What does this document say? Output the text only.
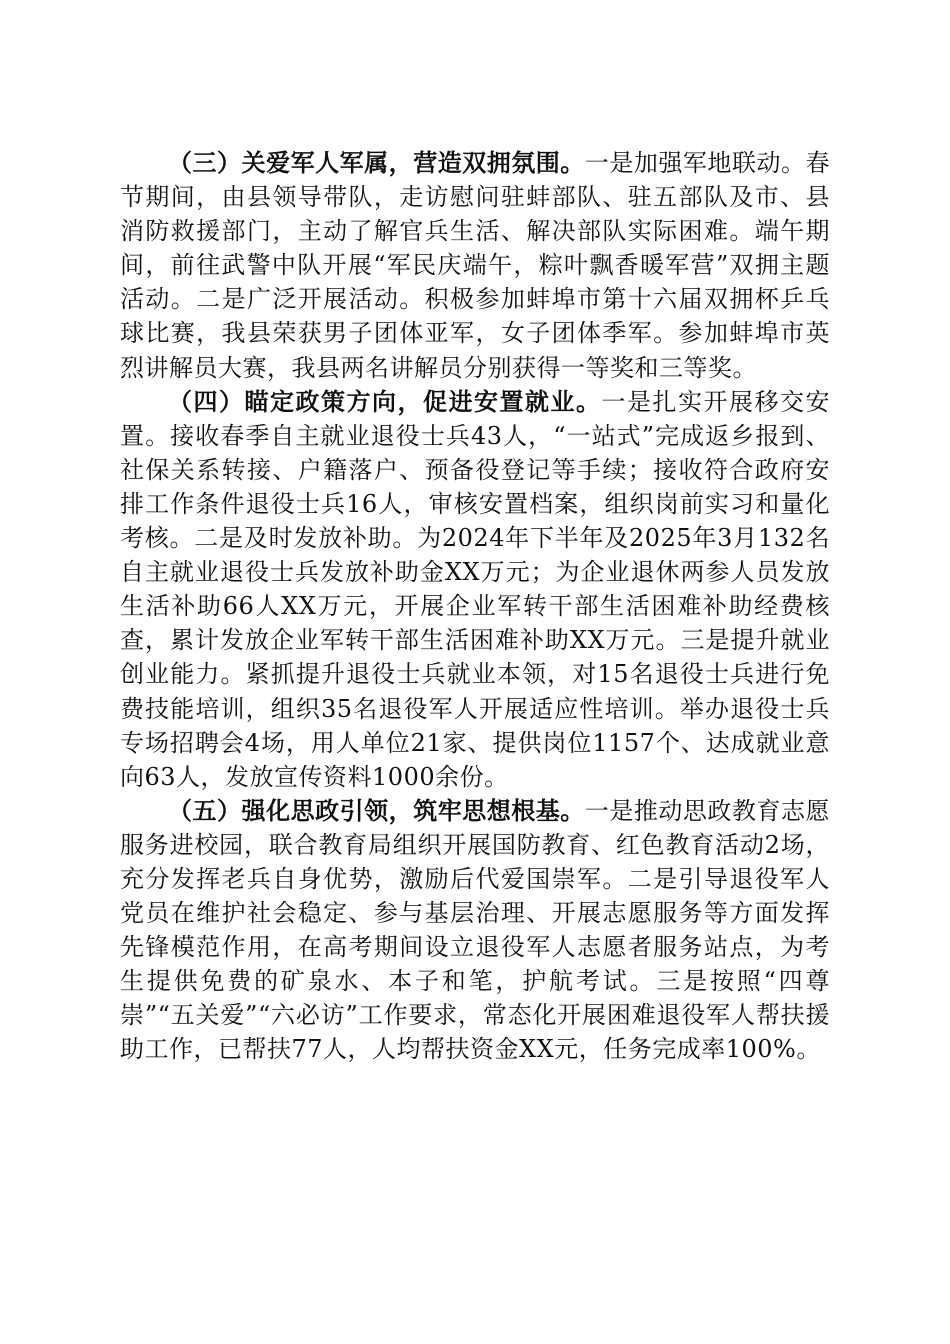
（三）关爱军人军属，营造双拥氛围。一是加强军地联动。春节期间，由县领导带队，走访慰问驻蚌部队、驻五部队及市、县消防救援部门，主动了解官兵生活、解决部队实际困难。端午期间，前往武警中队开展“军民庆端午，粽叶飘香暖军营”双拥主题活动。二是广泛开展活动。积极参加蚌埠市第十六届双拥杯乒乓球比赛，我县荣获男子团体亚军，女子团体季军。参加蚌埠市英烈讲解员大赛，我县两名讲解员分别获得一等奖和三等奖。

（四）瞄定政策方向，促进安置就业。一是扎实开展移交安置。接收春季自主就业退役士兵43人，“一站式”完成返乡报到、社保关系转接、户籍落户、预备役登记等手续；接收符合政府安排工作条件退役士兵16人，审核安置档案，组织岗前实习和量化考核。二是及时发放补助。为2024年下半年及2025年3月132名自主就业退役士兵发放补助金XX万元；为企业退休两参人员发放生活补助66人XX万元，开展企业军转干部生活困难补助经费核查，累计发放企业军转干部生活困难补助XX万元。三是提升就业创业能力。紧抓提升退役士兵就业本领，对15名退役士兵进行免费技能培训，组织35名退役军人开展适应性培训。举办退役士兵专场招聘会4场，用人单位21家、提供岗位1157个、达成就业意向63人，发放宣传资料1000余份。

（五）强化思政引领，筑牢思想根基。一是推动思政教育志愿服务进校园，联合教育局组织开展国防教育、红色教育活动2场，充分发挥老兵自身优势，激励后代爱国崇军。二是引导退役军人党员在维护社会稳定、参与基层治理、开展志愿服务等方面发挥先锋模范作用，在高考期间设立退役军人志愿者服务站点，为考生提供免费的矿泉水、本子和笔，护航考试。三是按照“四尊崇”“五关爱”“六必访”工作要求，常态化开展困难退役军人帮扶援助工作，已帮扶77人，人均帮扶资金XX元，任务完成率100%。
